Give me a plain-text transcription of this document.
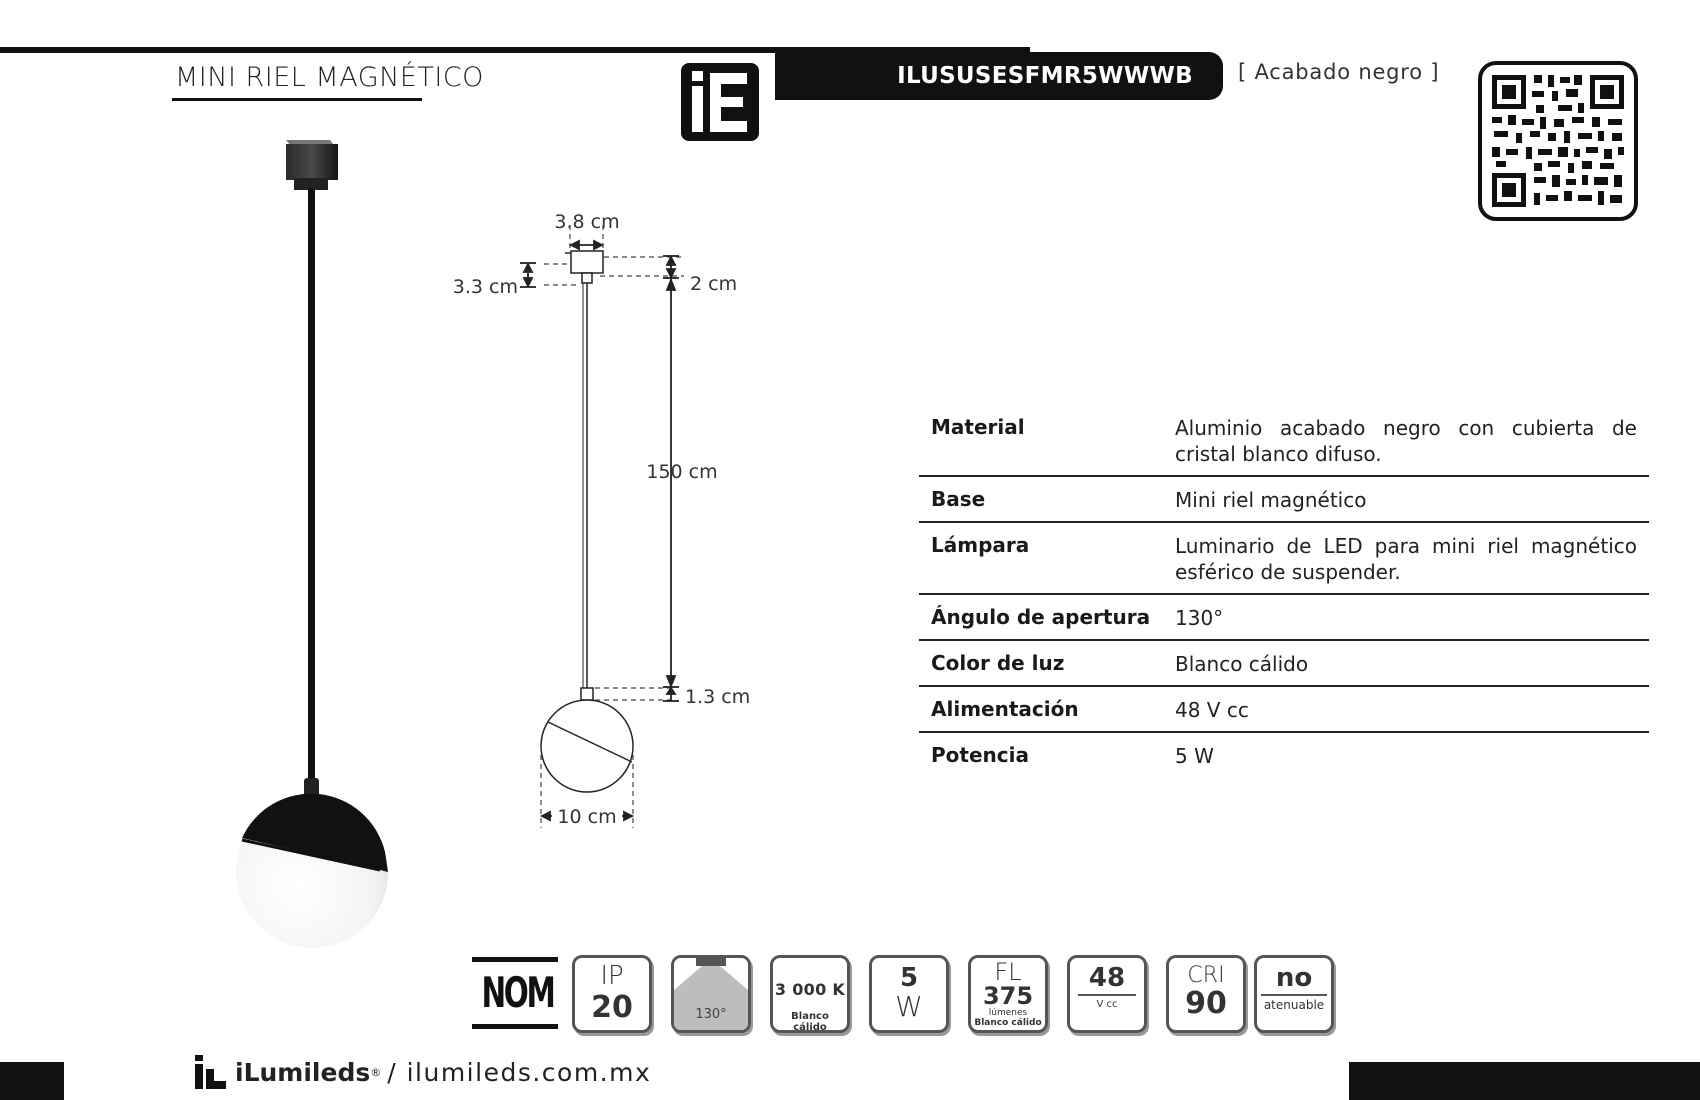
MINI RIEL MAGNÉTICO	ILUSUSESFMR5WWWB	[ Acabado negro ]
3.8 cm
3.3 cm	2 cm
150 cm
1.3 cm
10 cm
Material	Aluminio acabado negro con cubierta de cristal blanco difuso.
Base	Mini riel magnético
Lámpara	Luminario de LED para mini riel magnético esférico de suspender.
Ángulo de apertura	130°
Color de luz	Blanco cálido
Alimentación	48 V cc
Potencia	5 W
NOM	IP
20	130°
3 000 K
Blanco cálido
5
W
FL
375
lúmenes
Blanco cálido
48
V cc
CRI
90
no
atenuable
iLumileds ® / ilumileds.com.mx
